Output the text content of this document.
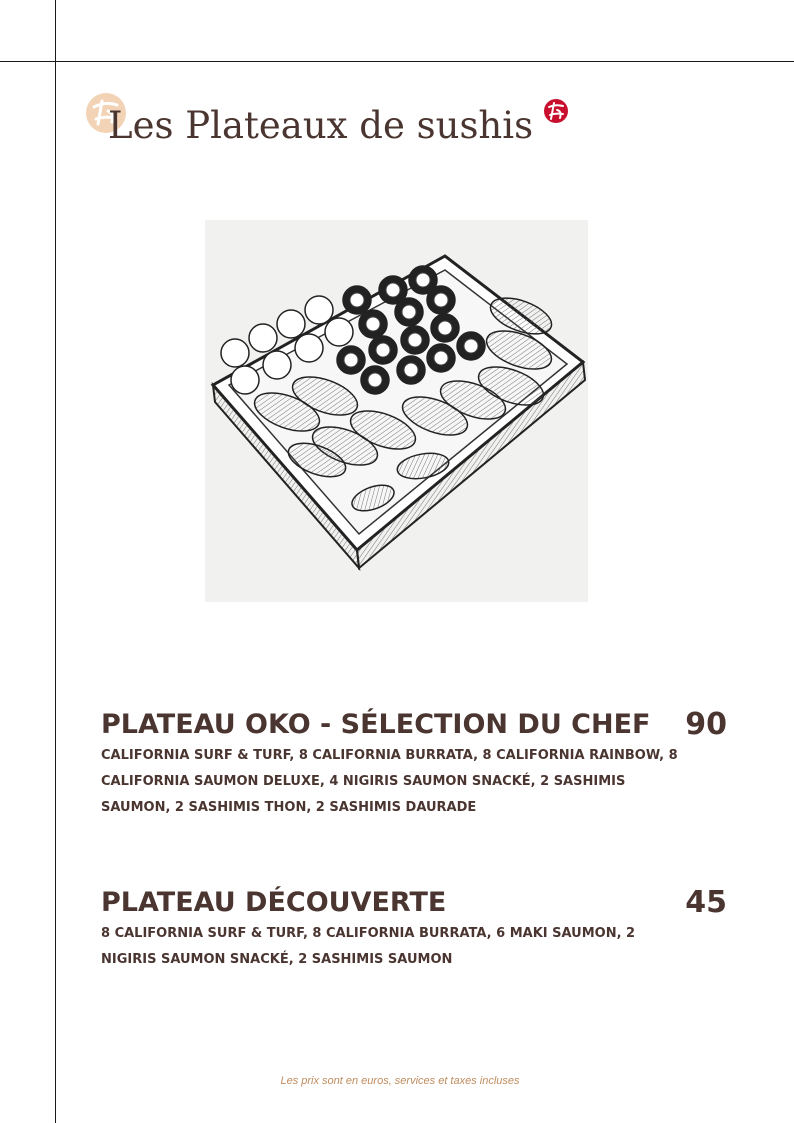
Les Plateaux de sushis
PLATEAU OKO - SÉLECTION DU CHEF 90
CALIFORNIA SURF & TURF, 8 CALIFORNIA BURRATA, 8 CALIFORNIA RAINBOW, 8 CALIFORNIA SAUMON DELUXE, 4 NIGIRIS SAUMON SNACKÉ, 2 SASHIMIS SAUMON, 2 SASHIMIS THON, 2 SASHIMIS DAURADE
PLATEAU DÉCOUVERTE	45
8 CALIFORNIA SURF & TURF, 8 CALIFORNIA BURRATA, 6 MAKI SAUMON, 2 NIGIRIS SAUMON SNACKÉ, 2 SASHIMIS SAUMON
Les prix sont en euros, services et taxes incluses
